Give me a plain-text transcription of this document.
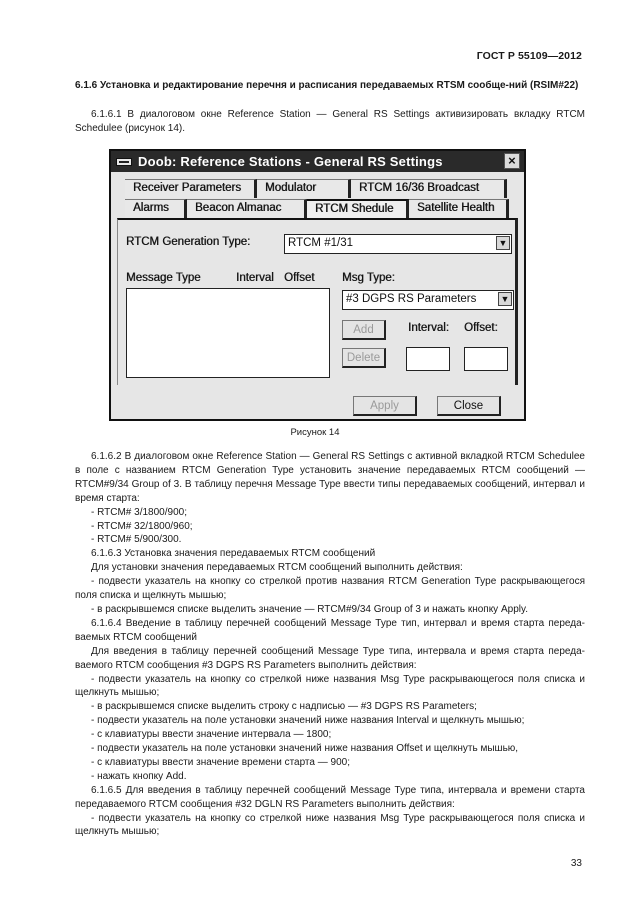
ГОСТ Р 55109—2012
6.1.6 Установка и редактирование перечня и расписания передаваемых RTSM сообще-ний (RSIM#22)
6.1.6.1 В диалоговом окне Reference Station — General RS Settings активизировать вкладку RTCM Schedulee (рисунок 14).
Doob: Reference Stations - General RS Settings	×
Receiver Parameters	Modulator	RTCM 16/36 Broadcast
Alarms	Beacon Almanac	RTCM Shedule	Satellite Health
RTCM Generation Type:	RTCM #1/31	▼
Message Type	Interval Offset Msg Type:
#3 DGPS RS Parameters	▼
Add	Interval: Offset:
Delete
Apply	Close
Рисунок 14

6.1.6.2 В диалоговом окне Reference Station — General RS Settings с активной вкладкой RTCM Schedulee в поле с названием RTCM Generation Type установить значение передаваемых RTCM сообщений — RTCM#9/34 Group of 3. В таблицу перечня Message Type ввести типы передаваемых сообщений, интервал и время старта:

- RTCM# 3/1800/900;

- RTCM# 32/1800/960;

- RTCM# 5/900/300.

6.1.6.3 Установка значения передаваемых RTCM сообщений

Для установки значения передаваемых RTCM сообщений выполнить действия:

- подвести указатель на кнопку со стрелкой против названия RTCM Generation Type раскрывающегося поля списка и щелкнуть мышью;

- в раскрывшемся списке выделить значение — RTCM#9/34 Group of 3 и нажать кнопку Apply.

6.1.6.4 Введение в таблицу перечней сообщений Message Type тип, интервал и время старта переда-ваемых RTCM сообщений

Для введения в таблицу перечней сообщений Message Type типа, интервала и время старта переда-ваемого RTCM сообщения #3 DGPS RS Parameters выполнить действия:

- подвести указатель на кнопку со стрелкой ниже названия Msg Type раскрывающегося поля списка и щелкнуть мышью;

- в раскрывшемся списке выделить строку с надписью — #3 DGPS RS Parameters;

- подвести указатель на поле установки значений ниже названия Interval и щелкнуть мышью;

- с клавиатуры ввести значение интервала — 1800;

- подвести указатель на поле установки значений ниже названия Offset и щелкнуть мышью,

- с клавиатуры ввести значение времени старта — 900;

- нажать кнопку Add.

6.1.6.5 Для введения в таблицу перечней сообщений Message Type типа, интервала и времени старта передаваемого RTCM сообщения #32 DGLN RS Parameters выполнить действия:

- подвести указатель на кнопку со стрелкой ниже названия Msg Type раскрывающегося поля списка и щелкнуть мышью;

33
